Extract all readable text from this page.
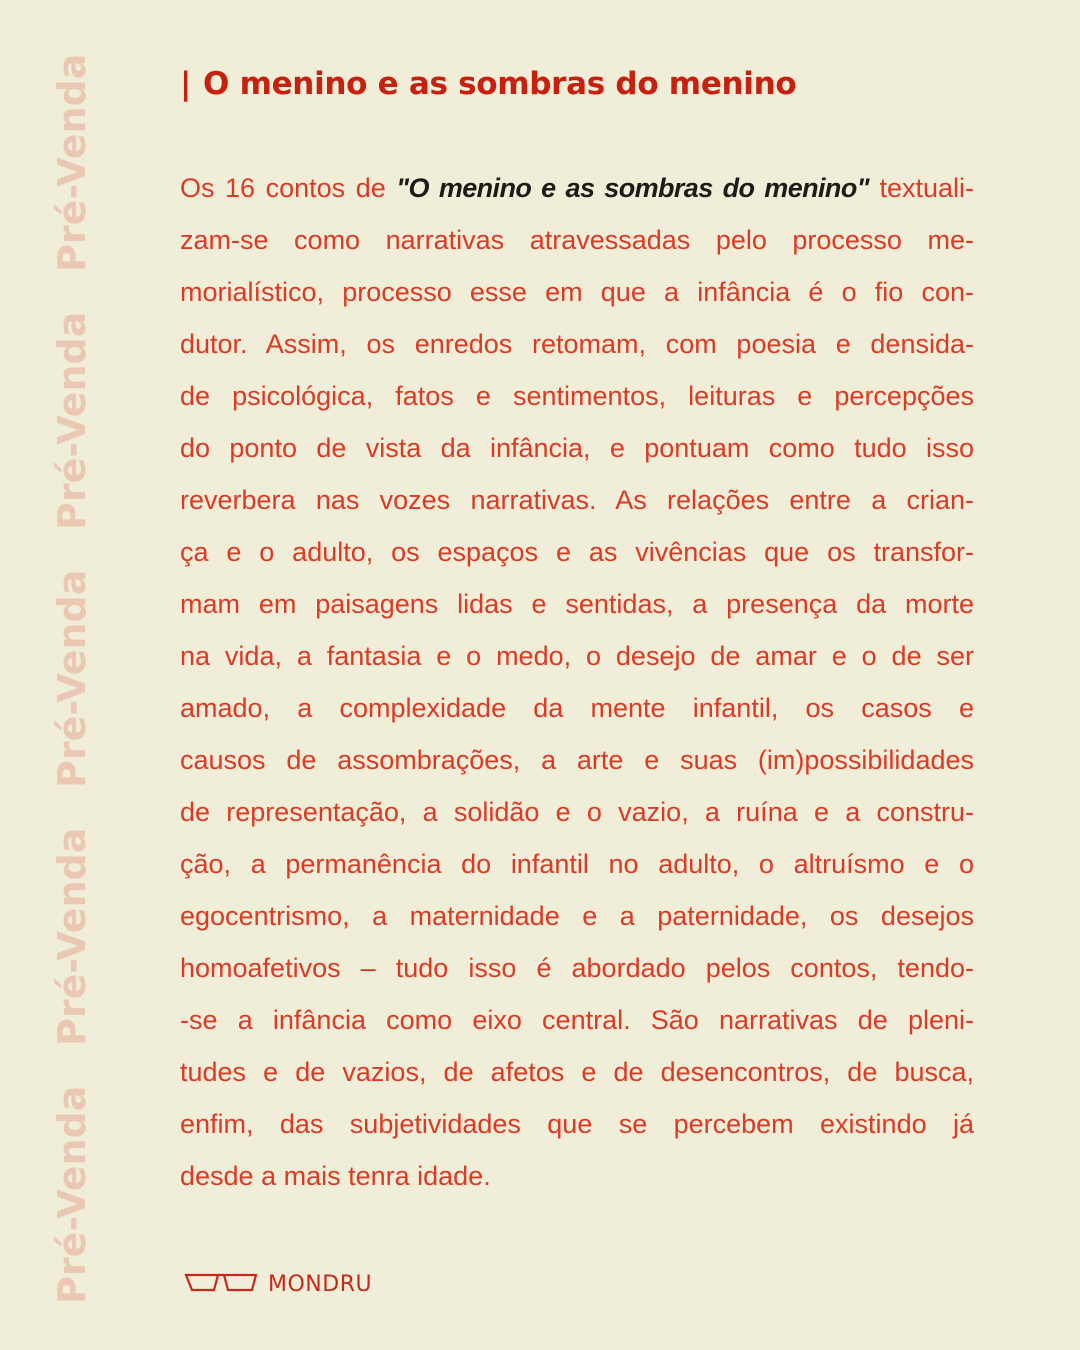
Pré-Venda
Pré-Venda
Pré-Venda
Pré-Venda
Pré-Venda	| O menino e as sombras do menino
Os 16 contos de "O menino e as sombras do menino" textuali-
zam-se como narrativas atravessadas pelo processo me-
morialístico, processo esse em que a infância é o fio con-
dutor. Assim, os enredos retomam, com poesia e densida-
de psicológica, fatos e sentimentos, leituras e percepções
do ponto de vista da infância, e pontuam como tudo isso
reverbera nas vozes narrativas. As relações entre a crian-
ça e o adulto, os espaços e as vivências que os transfor-
mam em paisagens lidas e sentidas, a presença da morte
na vida, a fantasia e o medo, o desejo de amar e o de ser
amado, a complexidade da mente infantil, os casos e
causos de assombrações, a arte e suas (im)possibilidades
de representação, a solidão e o vazio, a ruína e a constru-
ção, a permanência do infantil no adulto, o altruísmo e o
egocentrismo, a maternidade e a paternidade, os desejos
homoafetivos – tudo isso é abordado pelos contos, tendo-
-se a infância como eixo central. São narrativas de pleni-
tudes e de vazios, de afetos e de desencontros, de busca,
enfim, das subjetividades que se percebem existindo já
desde a mais tenra idade.
MONDRU
